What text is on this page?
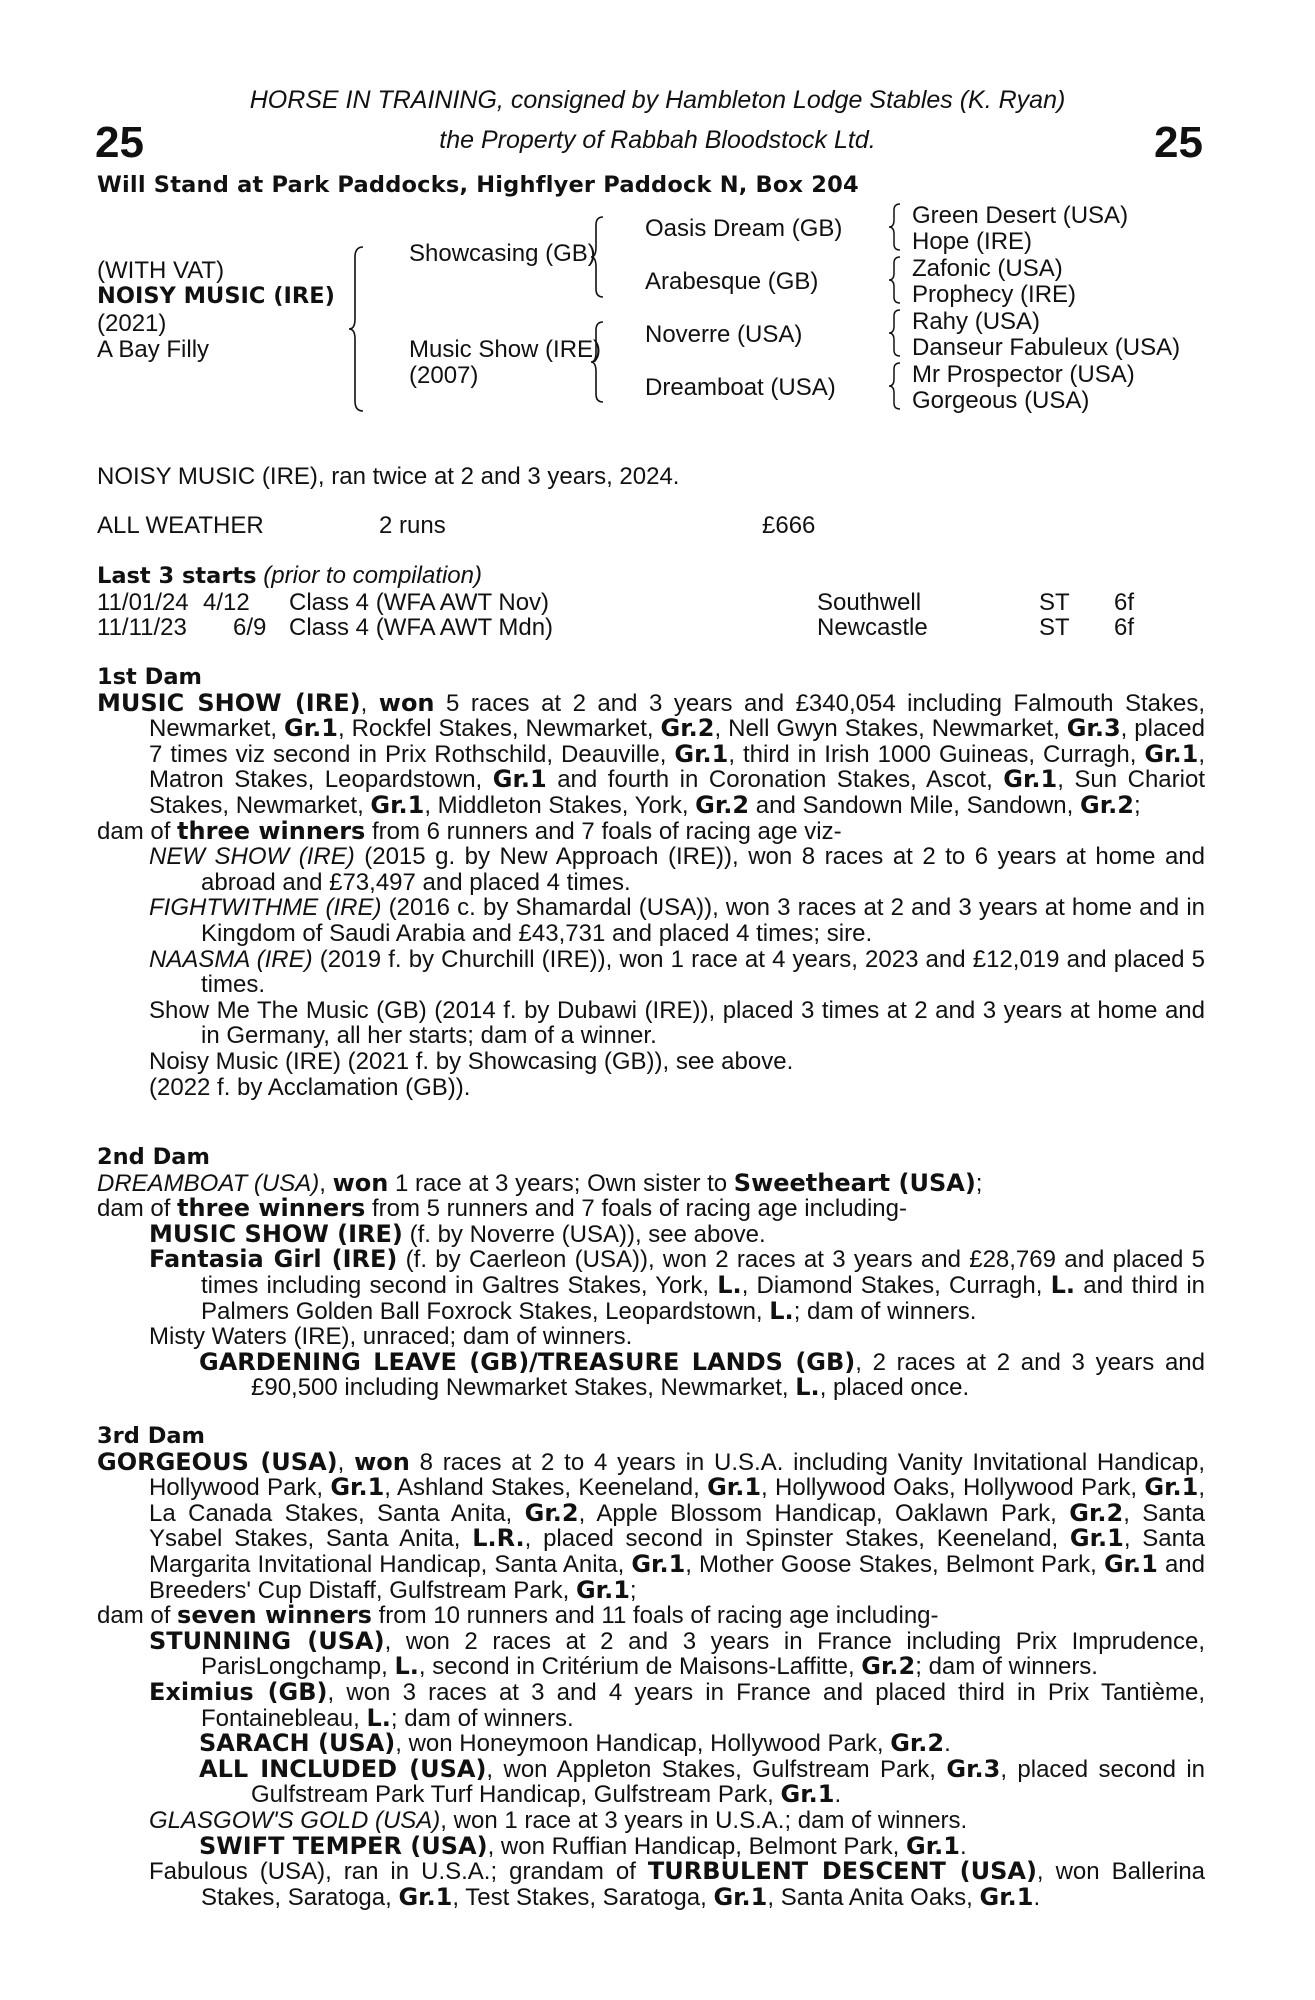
HORSE IN TRAINING, consigned by Hambleton Lodge Stables (K. Ryan)
the Property of Rabbah Bloodstock Ltd.
25	25
Will Stand at Park Paddocks, Highflyer Paddock N, Box 204
(WITH VAT)
NOISY MUSIC (IRE)
(2021)
A Bay Filly
Showcasing (GB)
Music Show (IRE)
(2007)
Oasis Dream (GB)
Arabesque (GB)
Noverre (USA)
Dreamboat (USA)
Green Desert (USA)
Hope (IRE)
Zafonic (USA)
Prophecy (IRE)
Rahy (USA)
Danseur Fabuleux (USA)
Mr Prospector (USA)
Gorgeous (USA)
NOISY MUSIC (IRE), ran twice at 2 and 3 years, 2024.
ALL WEATHER	2 runs	£666
Last 3 starts (prior to compilation)
11/01/24 4/12 Class 4 (WFA AWT Nov)	Southwell	ST 6f
11/11/23 6/9 Class 4 (WFA AWT Mdn)	Newcastle	ST 6f
1st Dam

MUSIC SHOW (IRE), won 5 races at 2 and 3 years and £340,054 including Falmouth Stakes, Newmarket, Gr.1, Rockfel Stakes, Newmarket, Gr.2, Nell Gwyn Stakes, Newmarket, Gr.3, placed 7 times viz second in Prix Rothschild, Deauville, Gr.1, third in Irish 1000 Guineas, Curragh, Gr.1, Matron Stakes, Leopardstown, Gr.1 and fourth in Coronation Stakes, Ascot, Gr.1, Sun Chariot Stakes, Newmarket, Gr.1, Middleton Stakes, York, Gr.2 and Sandown Mile, Sandown, Gr.2;

dam of three winners from 6 runners and 7 foals of racing age viz-

NEW SHOW (IRE) (2015 g. by New Approach (IRE)), won 8 races at 2 to 6 years at home and abroad and £73,497 and placed 4 times.

FIGHTWITHME (IRE) (2016 c. by Shamardal (USA)), won 3 races at 2 and 3 years at home and in Kingdom of Saudi Arabia and £43,731 and placed 4 times; sire.

NAASMA (IRE) (2019 f. by Churchill (IRE)), won 1 race at 4 years, 2023 and £12,019 and placed 5 times.

Show Me The Music (GB) (2014 f. by Dubawi (IRE)), placed 3 times at 2 and 3 years at home and in Germany, all her starts; dam of a winner.

Noisy Music (IRE) (2021 f. by Showcasing (GB)), see above.

(2022 f. by Acclamation (GB)).

2nd Dam

DREAMBOAT (USA), won 1 race at 3 years; Own sister to Sweetheart (USA);

dam of three winners from 5 runners and 7 foals of racing age including-

MUSIC SHOW (IRE) (f. by Noverre (USA)), see above.

Fantasia Girl (IRE) (f. by Caerleon (USA)), won 2 races at 3 years and £28,769 and placed 5 times including second in Galtres Stakes, York, L., Diamond Stakes, Curragh, L. and third in Palmers Golden Ball Foxrock Stakes, Leopardstown, L.; dam of winners.

Misty Waters (IRE), unraced; dam of winners.

GARDENING LEAVE (GB)/TREASURE LANDS (GB), 2 races at 2 and 3 years and £90,500 including Newmarket Stakes, Newmarket, L., placed once.

3rd Dam

GORGEOUS (USA), won 8 races at 2 to 4 years in U.S.A. including Vanity Invitational Handicap, Hollywood Park, Gr.1, Ashland Stakes, Keeneland, Gr.1, Hollywood Oaks, Hollywood Park, Gr.1, La Canada Stakes, Santa Anita, Gr.2, Apple Blossom Handicap, Oaklawn Park, Gr.2, Santa Ysabel Stakes, Santa Anita, L.R., placed second in Spinster Stakes, Keeneland, Gr.1, Santa Margarita Invitational Handicap, Santa Anita, Gr.1, Mother Goose Stakes, Belmont Park, Gr.1 and Breeders' Cup Distaff, Gulfstream Park, Gr.1;

dam of seven winners from 10 runners and 11 foals of racing age including-

STUNNING (USA), won 2 races at 2 and 3 years in France including Prix Imprudence, ParisLongchamp, L., second in Critérium de Maisons-Laffitte, Gr.2; dam of winners.

Eximius (GB), won 3 races at 3 and 4 years in France and placed third in Prix Tantième, Fontainebleau, L.; dam of winners.

SARACH (USA), won Honeymoon Handicap, Hollywood Park, Gr.2.

ALL INCLUDED (USA), won Appleton Stakes, Gulfstream Park, Gr.3, placed second in Gulfstream Park Turf Handicap, Gulfstream Park, Gr.1.

GLASGOW'S GOLD (USA), won 1 race at 3 years in U.S.A.; dam of winners.

SWIFT TEMPER (USA), won Ruffian Handicap, Belmont Park, Gr.1.

Fabulous (USA), ran in U.S.A.; grandam of TURBULENT DESCENT (USA), won Ballerina Stakes, Saratoga, Gr.1, Test Stakes, Saratoga, Gr.1, Santa Anita Oaks, Gr.1.
